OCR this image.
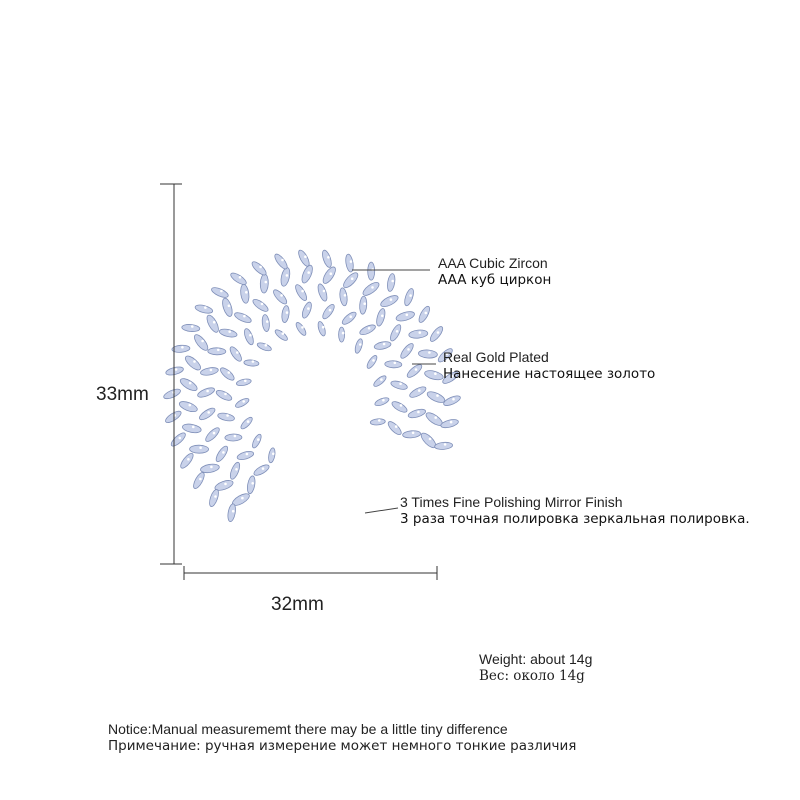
33mm
32mm
AAA Cubic Zircon
AAA куб циркон
Real Gold Plated
Нанесение настоящее золото
3 Times Fine Polishing Mirror Finish
3 раза точная полировка зеркальная полировка.
Weight: about 14g
Вес: около 14g
Notice:Manual measurememt there may be a little tiny difference
Примечание: ручная измерение может немного тонкие различия
